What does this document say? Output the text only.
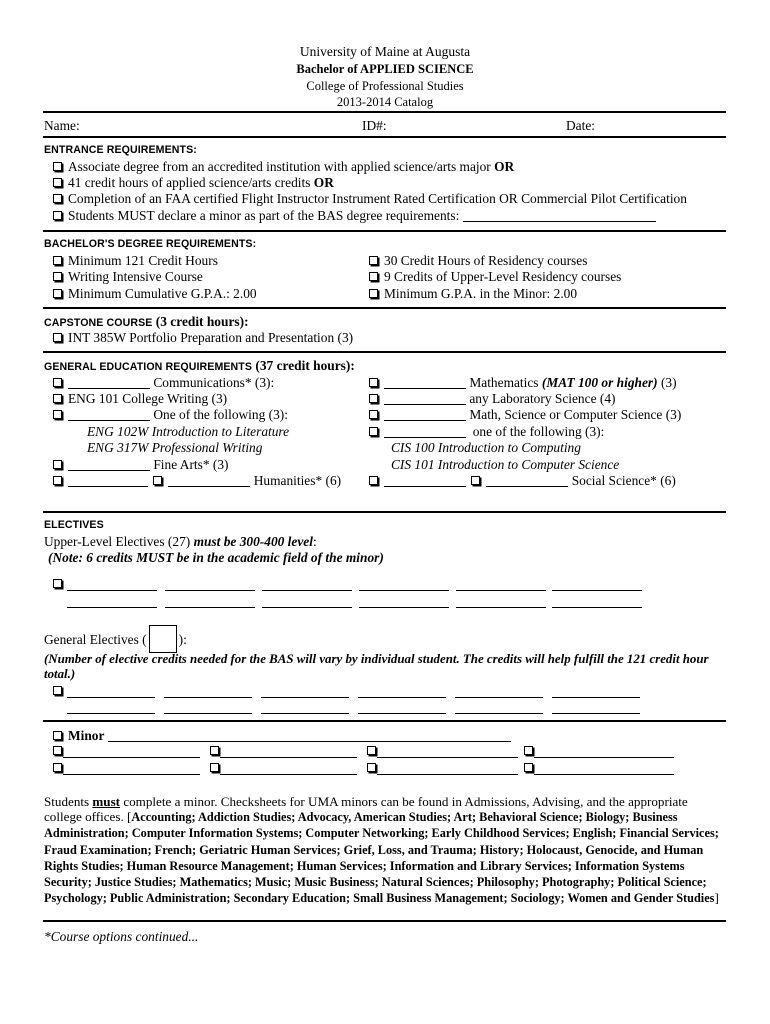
University of Maine at Augusta
Bachelor of APPLIED SCIENCE
College of Professional Studies
2013-2014 Catalog
Name:	ID#:	Date:
ENTRANCE REQUIREMENTS:
Associate degree from an accredited institution with applied science/arts major OR
41 credit hours of applied science/arts credits OR
Completion of an FAA certified Flight Instructor Instrument Rated Certification OR Commercial Pilot Certification
Students MUST declare a minor as part of the BAS degree requirements:
BACHELOR'S DEGREE REQUIREMENTS:
Minimum 121 Credit Hours
Writing Intensive Course
Minimum Cumulative G.P.A.: 2.00
30 Credit Hours of Residency courses
9 Credits of Upper-Level Residency courses
Minimum G.P.A. in the Minor: 2.00
CAPSTONE COURSE (3 credit hours):
INT 385W Portfolio Preparation and Presentation (3)
GENERAL EDUCATION REQUIREMENTS (37 credit hours):
Communications* (3):
ENG 101 College Writing (3)
One of the following (3):
ENG 102W Introduction to Literature
ENG 317W Professional Writing
Fine Arts* (3)
Humanities* (6)
Mathematics (MAT 100 or higher) (3)
any Laboratory Science (4)
Math, Science or Computer Science (3)
one of the following (3):
CIS 100 Introduction to Computing
CIS 101 Introduction to Computer Science
Social Science* (6)
ELECTIVES
Upper-Level Electives (27) must be 300-400 level:
(Note: 6 credits MUST be in the academic field of the minor)
General Electives ( ):
(Number of elective credits needed for the BAS will vary by individual student. The credits will help fulfill the 121 credit hour total.)
Minor
Students must complete a minor. Checksheets for UMA minors can be found in Admissions, Advising, and the appropriate college offices. [Accounting; Addiction Studies; Advocacy, American Studies; Art; Behavioral Science; Biology; Business Administration; Computer Information Systems; Computer Networking; Early Childhood Services; English; Financial Services; Fraud Examination; French; Geriatric Human Services; Grief, Loss, and Trauma; History; Holocaust, Genocide, and Human Rights Studies; Human Resource Management; Human Services; Information and Library Services; Information Systems Security; Justice Studies; Mathematics; Music; Music Business; Natural Sciences; Philosophy; Photography; Political Science; Psychology; Public Administration; Secondary Education; Small Business Management; Sociology; Women and Gender Studies]
*Course options continued...
